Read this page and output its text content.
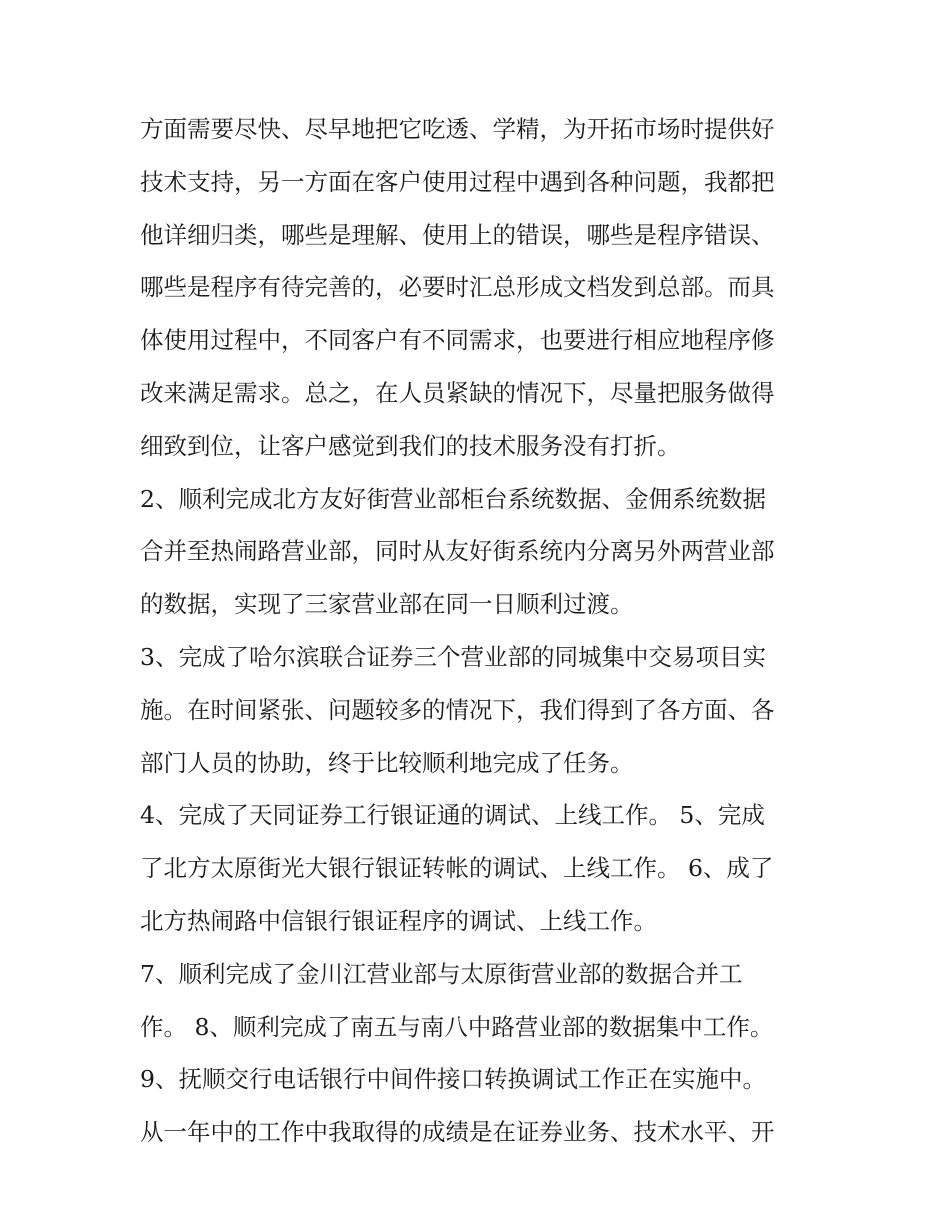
方面需要尽快、尽早地把它吃透、学精，为开拓市场时提供好
技术支持，另一方面在客户使用过程中遇到各种问题，我都把
他详细归类，哪些是理解、使用上的错误，哪些是程序错误、
哪些是程序有待完善的，必要时汇总形成文档发到总部。而具
体使用过程中，不同客户有不同需求，也要进行相应地程序修
改来满足需求。总之，在人员紧缺的情况下，尽量把服务做得
细致到位，让客户感觉到我们的技术服务没有打折。
2、顺利完成北方友好街营业部柜台系统数据、金佣系统数据
合并至热闹路营业部，同时从友好街系统内分离另外两营业部
的数据，实现了三家营业部在同一日顺利过渡。
3、完成了哈尔滨联合证券三个营业部的同城集中交易项目实
施。在时间紧张、问题较多的情况下，我们得到了各方面、各
部门人员的协助，终于比较顺利地完成了任务。
4、完成了天同证券工行银证通的调试、上线工作。 5、完成
了北方太原街光大银行银证转帐的调试、上线工作。 6、成了
北方热闹路中信银行银证程序的调试、上线工作。
7、顺利完成了金川江营业部与太原街营业部的数据合并工
作。 8、顺利完成了南五与南八中路营业部的数据集中工作。
9、抚顺交行电话银行中间件接口转换调试工作正在实施中。
从一年中的工作中我取得的成绩是在证券业务、技术水平、开
